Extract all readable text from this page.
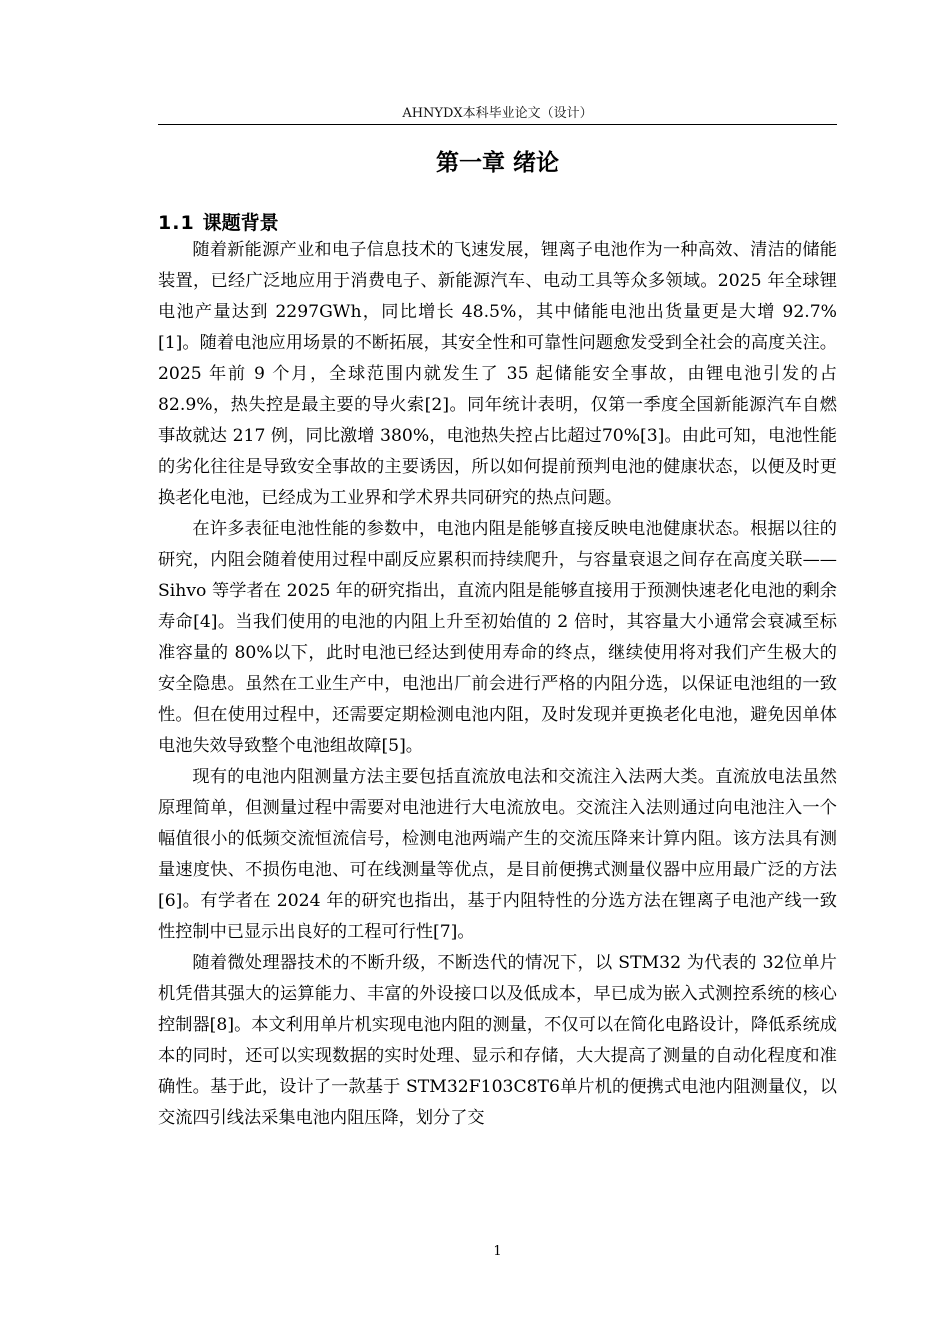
AHNYDX本科毕业论文（设计）
第一章 绪论
1.1 课题背景

随着新能源产业和电子信息技术的飞速发展，锂离子电池作为一种高效、清洁的储能装置，已经广泛地应用于消费电子、新能源汽车、电动工具等众多领域。2025 年全球锂电池产量达到 2297GWh，同比增长 48.5%，其中储能电池出货量更是大增 92.7%[1]。随着电池应用场景的不断拓展，其安全性和可靠性问题愈发受到全社会的高度关注。2025 年前 9 个月，全球范围内就发生了 35 起储能安全事故，由锂电池引发的占 82.9%，热失控是最主要的导火索[2]。同年统计表明，仅第一季度全国新能源汽车自燃事故就达 217 例，同比激增 380%，电池热失控占比超过70%[3]。由此可知，电池性能的劣化往往是导致安全事故的主要诱因，所以如何提前预判电池的健康状态，以便及时更换老化电池，已经成为工业界和学术界共同研究的热点问题。

在许多表征电池性能的参数中，电池内阻是能够直接反映电池健康状态。根据以往的研究，内阻会随着使用过程中副反应累积而持续爬升，与容量衰退之间存在高度关联——Sihvo 等学者在 2025 年的研究指出，直流内阻是能够直接用于预测快速老化电池的剩余寿命[4]。当我们使用的电池的内阻上升至初始值的 2 倍时，其容量大小通常会衰减至标准容量的 80%以下，此时电池已经达到使用寿命的终点，继续使用将对我们产生极大的安全隐患。虽然在工业生产中，电池出厂前会进行严格的内阻分选，以保证电池组的一致性。但在使用过程中，还需要定期检测电池内阻，及时发现并更换老化电池，避免因单体电池失效导致整个电池组故障[5]。

现有的电池内阻测量方法主要包括直流放电法和交流注入法两大类。直流放电法虽然原理简单，但测量过程中需要对电池进行大电流放电。交流注入法则通过向电池注入一个幅值很小的低频交流恒流信号，检测电池两端产生的交流压降来计算内阻。该方法具有测量速度快、不损伤电池、可在线测量等优点，是目前便携式测量仪器中应用最广泛的方法[6]。有学者在 2024 年的研究也指出，基于内阻特性的分选方法在锂离子电池产线一致性控制中已显示出良好的工程可行性[7]。

随着微处理器技术的不断升级，不断迭代的情况下，以 STM32 为代表的 32位单片机凭借其强大的运算能力、丰富的外设接口以及低成本，早已成为嵌入式测控系统的核心控制器[8]。本文利用单片机实现电池内阻的测量，不仅可以在简化电路设计，降低系统成本的同时，还可以实现数据的实时处理、显示和存储，大大提高了测量的自动化程度和准确性。基于此，设计了一款基于 STM32F103C8T6单片机的便携式电池内阻测量仪，以交流四引线法采集电池内阻压降，划分了交

1
